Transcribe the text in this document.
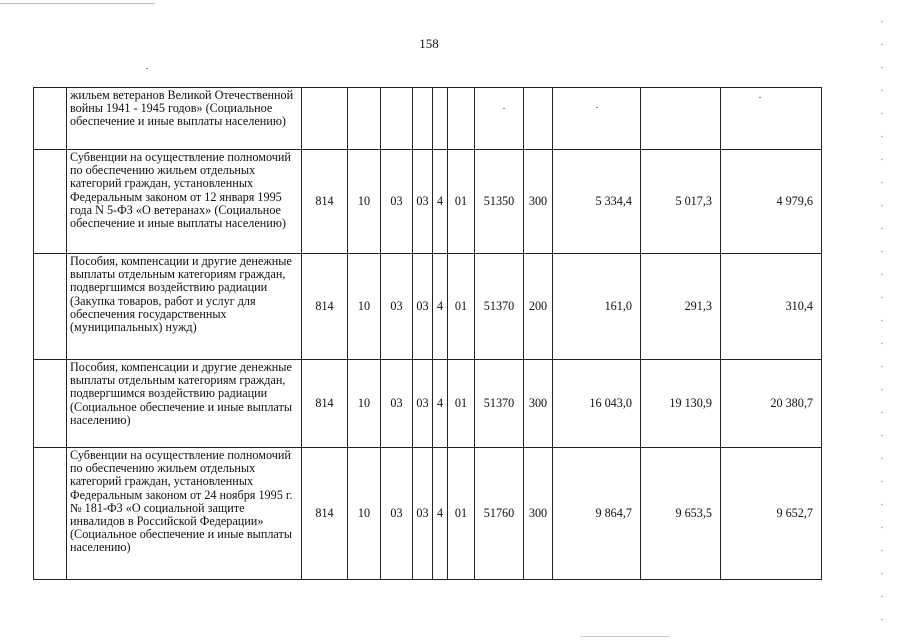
158
	жильем ветеранов Великой Отечественной войны 1941 - 1945 годов» (Социальное обеспечение и иные выплаты населению)											
	Субвенции на осуществление полномочий по обеспечению жильем отдельных категорий граждан, установленных Федеральным законом от 12 января 1995 года N 5-ФЗ «О ветеранах» (Социальное обеспечение и иные выплаты населению)	814	10	03	03	4	01	51350	300	5 334,4	5 017,3	4 979,6
	Пособия, компенсации и другие денежные выплаты отдельным категориям граждан, подвергшимся воздействию радиации (Закупка товаров, работ и услуг для обеспечения государственных (муниципальных) нужд)	814	10	03	03	4	01	51370	200	161,0	291,3	310,4
	Пособия, компенсации и другие денежные выплаты отдельным категориям граждан, подвергшимся воздействию радиации (Социальное обеспечение и иные выплаты населению)	814	10	03	03	4	01	51370	300	16 043,0	19 130,9	20 380,7
	Субвенции на осуществление полномочий по обеспечению жильем отдельных категорий граждан, установленных Федеральным законом от 24 ноября 1995 г. № 181-ФЗ «О социальной защите инвалидов в Российской Федерации» (Социальное обеспечение и иные выплаты населению)	814	10	03	03	4	01	51760	300	9 864,7	9 653,5	9 652,7
